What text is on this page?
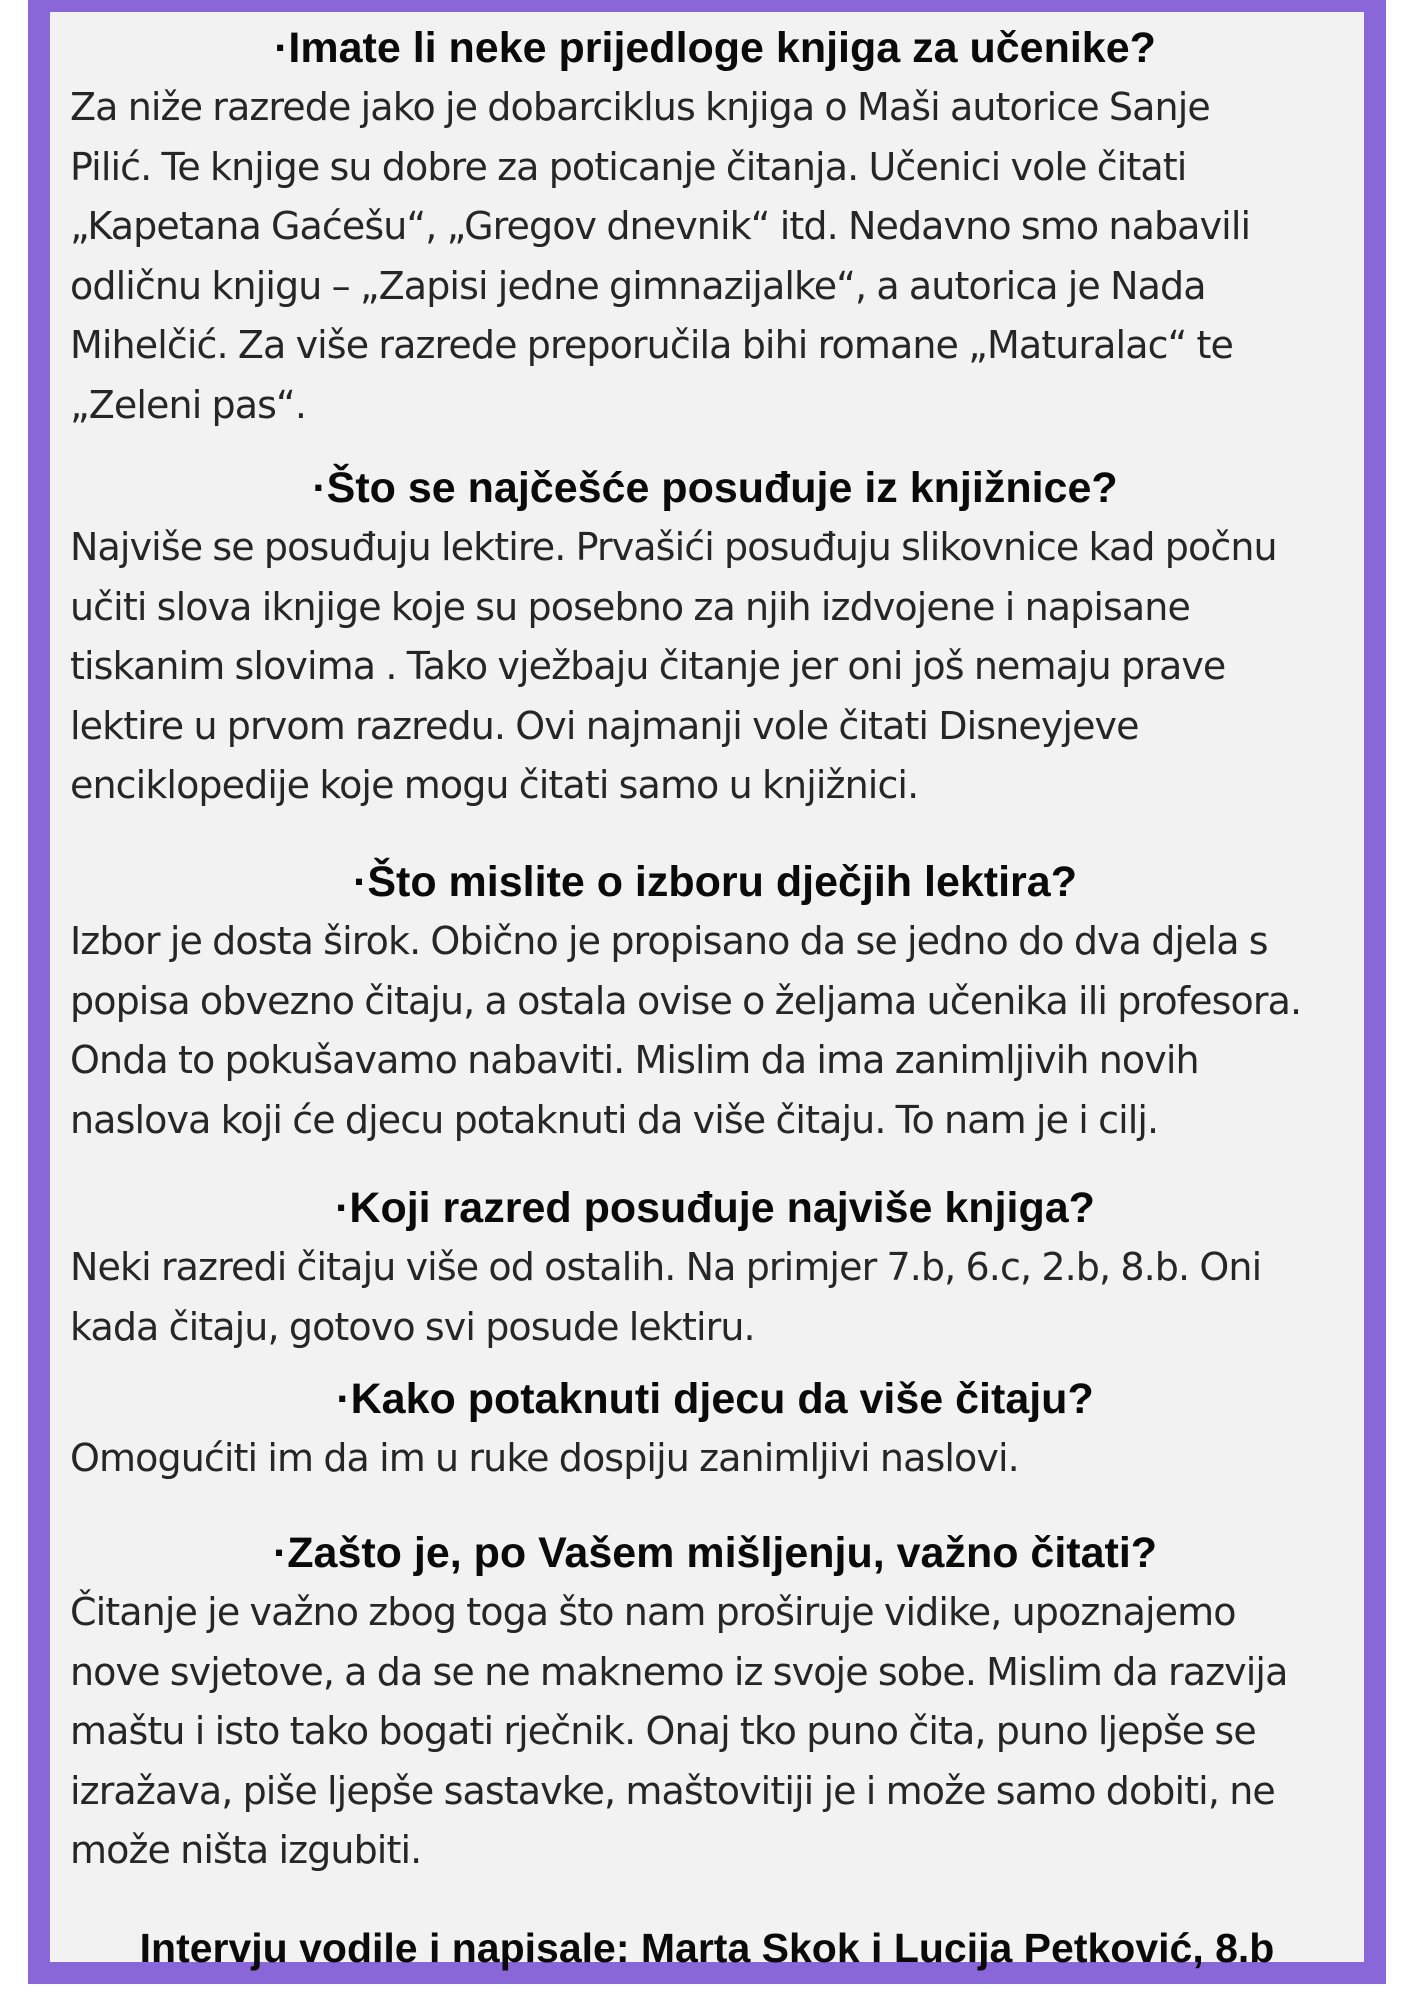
·Imate li neke prijedloge knjiga za učenike?

Za niže razrede jako je dobarciklus knjiga o Maši autorice Sanje
Pilić. Te knjige su dobre za poticanje čitanja. Učenici vole čitati
„Kapetana Gaćešu“, „Gregov dnevnik“ itd. Nedavno smo nabavili
odličnu knjigu – „Zapisi jedne gimnazijalke“, a autorica je Nada
Mihelčić. Za više razrede preporučila bihi romane „Maturalac“ te
„Zeleni pas“.

·Što se najčešće posuđuje iz knjižnice?

Najviše se posuđuju lektire. Prvašići posuđuju slikovnice kad počnu
učiti slova iknjige koje su posebno za njih izdvojene i napisane
tiskanim slovima . Tako vježbaju čitanje jer oni još nemaju prave
lektire u prvom razredu. Ovi najmanji vole čitati Disneyjeve
enciklopedije koje mogu čitati samo u knjižnici.

·Što mislite o izboru dječjih lektira?

Izbor je dosta širok. Obično je propisano da se jedno do dva djela s
popisa obvezno čitaju, a ostala ovise o željama učenika ili profesora.
Onda to pokušavamo nabaviti. Mislim da ima zanimljivih novih
naslova koji će djecu potaknuti da više čitaju. To nam je i cilj.

·Koji razred posuđuje najviše knjiga?

Neki razredi čitaju više od ostalih. Na primjer 7.b, 6.c, 2.b, 8.b. Oni
kada čitaju, gotovo svi posude lektiru.

·Kako potaknuti djecu da više čitaju?

Omogućiti im da im u ruke dospiju zanimljivi naslovi.

·Zašto je, po Vašem mišljenju, važno čitati?

Čitanje je važno zbog toga što nam proširuje vidike, upoznajemo
nove svjetove, a da se ne maknemo iz svoje sobe. Mislim da razvija
maštu i isto tako bogati rječnik. Onaj tko puno čita, puno ljepše se
izražava, piše ljepše sastavke, maštovitiji je i može samo dobiti, ne
može ništa izgubiti.

Intervju vodile i napisale: Marta Skok i Lucija Petković, 8.b
